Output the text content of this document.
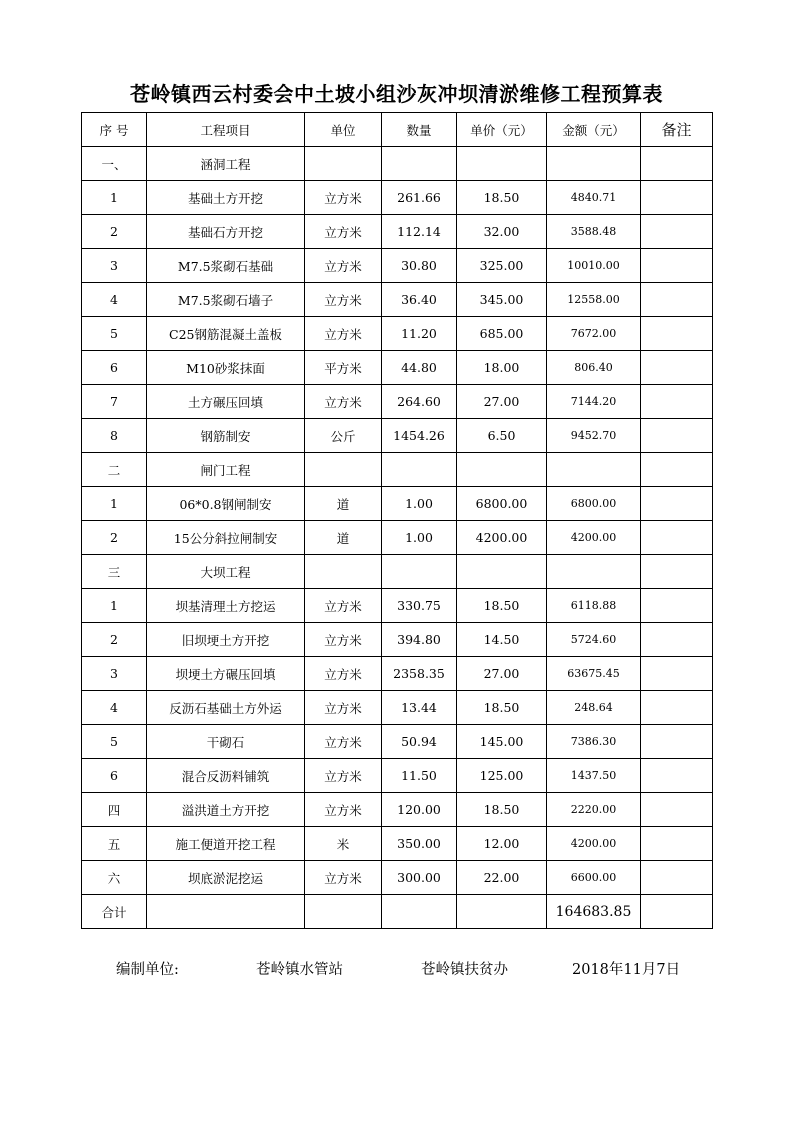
苍岭镇西云村委会中土坡小组沙灰冲坝清淤维修工程预算表
序 号	工程项目	单位	数量	单价（元）	金额（元）	备注
一、	涵洞工程					
1	基础土方开挖	立方米	261.66	18.50	4840.71	
2	基础石方开挖	立方米	112.14	32.00	3588.48	
3	M7.5浆砌石基础	立方米	30.80	325.00	10010.00	
4	M7.5浆砌石墙子	立方米	36.40	345.00	12558.00	
5	C25钢筋混凝土盖板	立方米	11.20	685.00	7672.00	
6	M10砂浆抹面	平方米	44.80	18.00	806.40	
7	土方碾压回填	立方米	264.60	27.00	7144.20	
8	钢筋制安	公斤	1454.26	6.50	9452.70	
二	闸门工程					
1	06*0.8钢闸制安	道	1.00	6800.00	6800.00	
2	15公分斜拉闸制安	道	1.00	4200.00	4200.00	
三	大坝工程					
1	坝基清理土方挖运	立方米	330.75	18.50	6118.88	
2	旧坝埂土方开挖	立方米	394.80	14.50	5724.60	
3	坝埂土方碾压回填	立方米	2358.35	27.00	63675.45	
4	反沥石基础土方外运	立方米	13.44	18.50	248.64	
5	干砌石	立方米	50.94	145.00	7386.30	
6	混合反沥料铺筑	立方米	11.50	125.00	1437.50	
四	溢洪道土方开挖	立方米	120.00	18.50	2220.00	
五	施工便道开挖工程	米	350.00	12.00	4200.00	
六	坝底淤泥挖运	立方米	300.00	22.00	6600.00	
合计					164683.85	
编制单位:	苍岭镇水管站	苍岭镇扶贫办	2018年11月7日
